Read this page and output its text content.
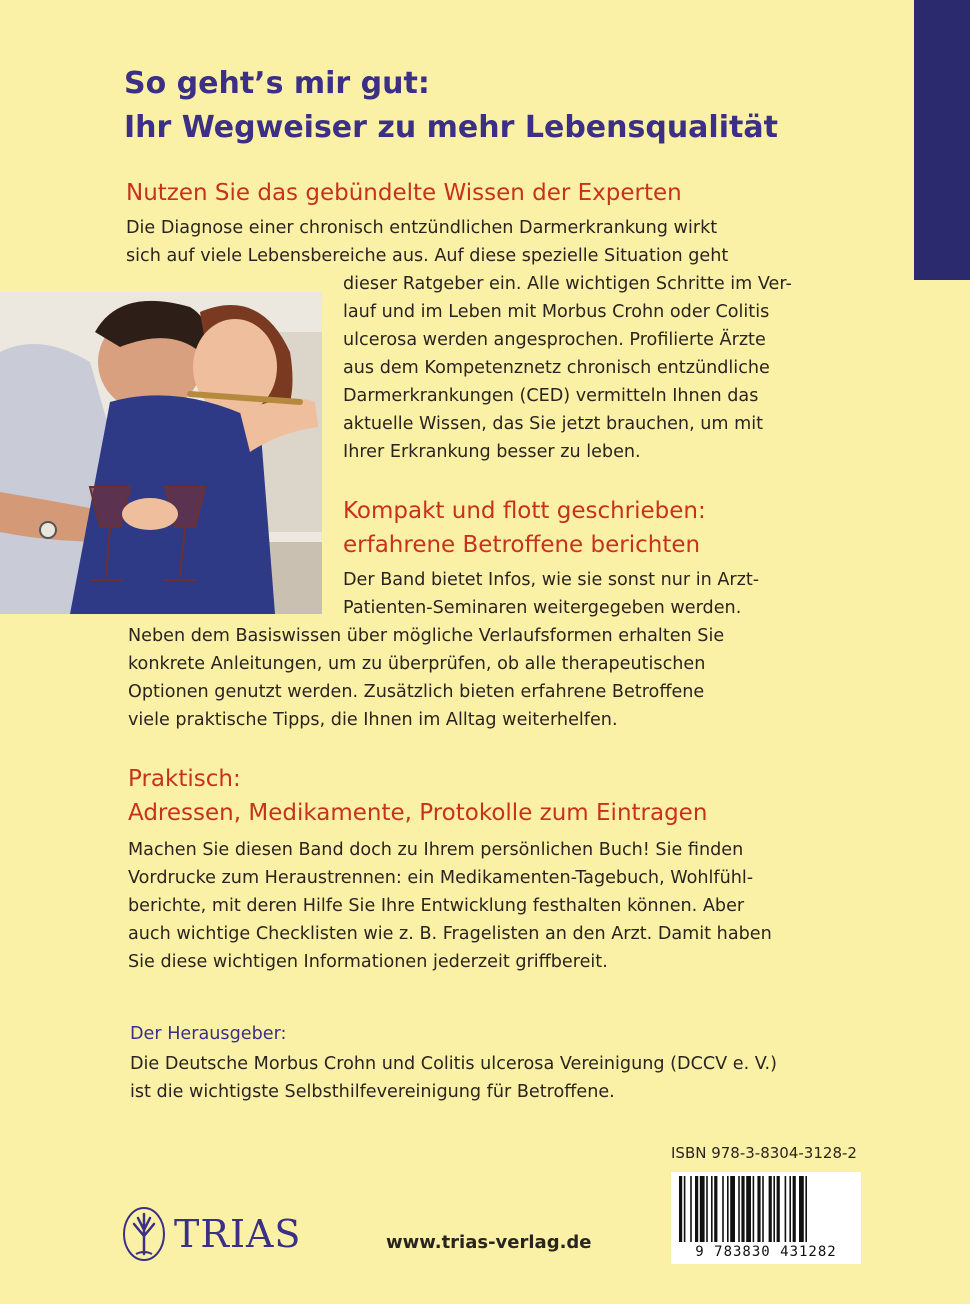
So geht’s mir gut:
Ihr Wegweiser zu mehr Lebensqualität
Nutzen Sie das gebündelte Wissen der Experten
Die Diagnose einer chronisch entzündlichen Darmerkrankung wirkt
sich auf viele Lebensbereiche aus. Auf diese spezielle Situation geht
dieser Ratgeber ein. Alle wichtigen Schritte im Ver-
lauf und im Leben mit Morbus Crohn oder Colitis
ulcerosa werden angesprochen. Profilierte Ärzte
aus dem Kompetenznetz chronisch entzündliche
Darmerkrankungen (CED) vermitteln Ihnen das
aktuelle Wissen, das Sie jetzt brauchen, um mit
Ihrer Erkrankung besser zu leben.
Kompakt und flott geschrieben:
erfahrene Betroffene berichten
Der Band bietet Infos, wie sie sonst nur in Arzt-
Patienten-Seminaren weitergegeben werden.
Neben dem Basiswissen über mögliche Verlaufsformen erhalten Sie
konkrete Anleitungen, um zu überprüfen, ob alle therapeutischen
Optionen genutzt werden. Zusätzlich bieten erfahrene Betroffene
viele praktische Tipps, die Ihnen im Alltag weiterhelfen.
Praktisch:
Adressen, Medikamente, Protokolle zum Eintragen
Machen Sie diesen Band doch zu Ihrem persönlichen Buch! Sie finden
Vordrucke zum Heraustrennen: ein Medikamenten-Tagebuch, Wohlfühl-
berichte, mit deren Hilfe Sie Ihre Entwicklung festhalten können. Aber
auch wichtige Checklisten wie z. B. Fragelisten an den Arzt. Damit haben
Sie diese wichtigen Informationen jederzeit griffbereit.
Der Herausgeber:
Die Deutsche Morbus Crohn und Colitis ulcerosa Vereinigung (DCCV e. V.)
ist die wichtigste Selbsthilfevereinigung für Betroffene.
TRIAS	www.trias-verlag.de
ISBN 978-3-8304-3128-2
9 783830 431282
